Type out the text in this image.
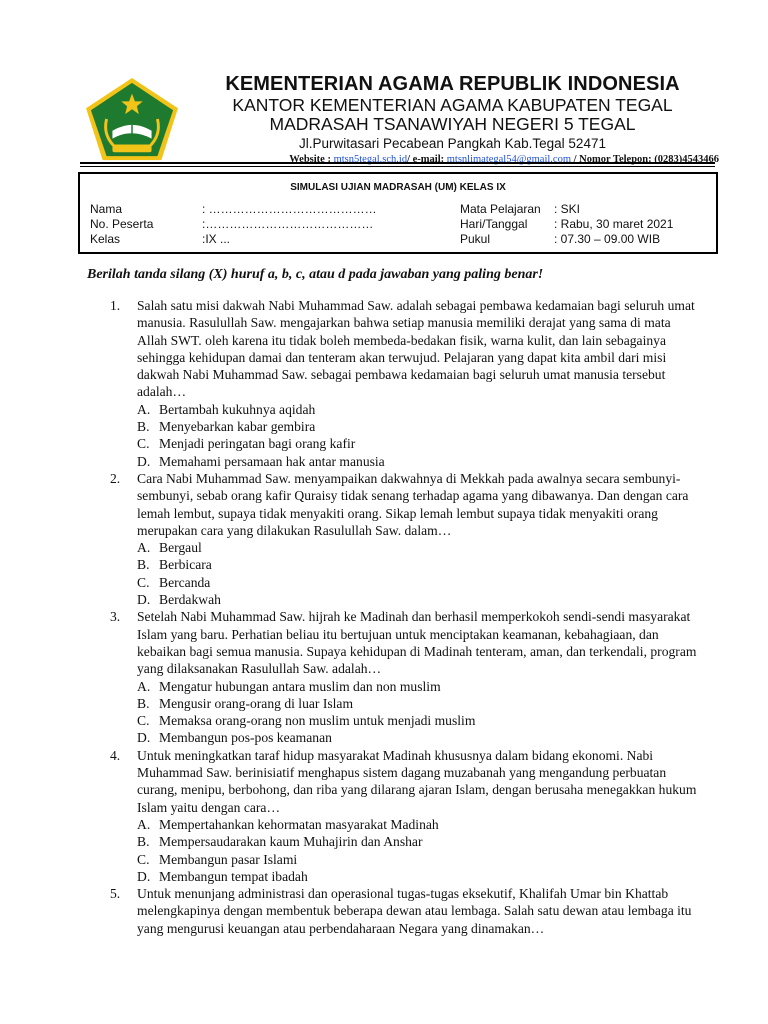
KEMENTERIAN AGAMA REPUBLIK INDONESIA
KANTOR KEMENTERIAN AGAMA KABUPATEN TEGAL
MADRASAH TSANAWIYAH NEGERI 5 TEGAL
Jl.Purwitasari Pecabean Pangkah Kab.Tegal 52471
Website : mtsn5tegal.sch.id/ e-mail: mtsnlimategal54@gmail.com / Nomor Telepon: (0283)4543466
SIMULASI UJIAN MADRASAH (UM) KELAS IX
Nama	: ……………………………………	Mata Pelajaran : SKI
No. Peserta	:……………………………………	Hari/Tanggal : Rabu, 30 maret 2021
Kelas	:IX ...	Pukul	: 07.30 – 09.00 WIB
Berilah tanda silang (X) huruf a, b, c, atau d pada jawaban yang paling benar!
1. Salah satu misi dakwah Nabi Muhammad Saw. adalah sebagai pembawa kedamaian bagi seluruh umat manusia. Rasulullah Saw. mengajarkan bahwa setiap manusia memiliki derajat yang sama di mata Allah SWT. oleh karena itu tidak boleh membeda-bedakan fisik, warna kulit, dan lain sebagainya sehingga kehidupan damai dan tenteram akan terwujud. Pelajaran yang dapat kita ambil dari misi dakwah Nabi Muhammad Saw. sebagai pembawa kedamaian bagi seluruh umat manusia tersebut adalah…
A. Bertambah kukuhnya aqidah
B. Menyebarkan kabar gembira
C. Menjadi peringatan bagi orang kafir
D. Memahami persamaan hak antar manusia
2. Cara Nabi Muhammad Saw. menyampaikan dakwahnya di Mekkah pada awalnya secara sembunyi-sembunyi, sebab orang kafir Quraisy tidak senang terhadap agama yang dibawanya. Dan dengan cara lemah lembut, supaya tidak menyakiti orang. Sikap lemah lembut supaya tidak menyakiti orang merupakan cara yang dilakukan Rasulullah Saw. dalam…
A. Bergaul
B. Berbicara
C. Bercanda
D. Berdakwah
3. Setelah Nabi Muhammad Saw. hijrah ke Madinah dan berhasil memperkokoh sendi-sendi masyarakat Islam yang baru. Perhatian beliau itu bertujuan untuk menciptakan keamanan, kebahagiaan, dan kebaikan bagi semua manusia. Supaya kehidupan di Madinah tenteram, aman, dan terkendali, program yang dilaksanakan Rasulullah Saw. adalah…
A. Mengatur hubungan antara muslim dan non muslim
B. Mengusir orang-orang di luar Islam
C. Memaksa orang-orang non muslim untuk menjadi muslim
D. Membangun pos-pos keamanan
4. Untuk meningkatkan taraf hidup masyarakat Madinah khususnya dalam bidang ekonomi. Nabi Muhammad Saw. berinisiatif menghapus sistem dagang muzabanah yang mengandung perbuatan curang, menipu, berbohong, dan riba yang dilarang ajaran Islam, dengan berusaha menegakkan hukum Islam yaitu dengan cara…
A. Mempertahankan kehormatan masyarakat Madinah
B. Mempersaudarakan kaum Muhajirin dan Anshar
C. Membangun pasar Islami
D. Membangun tempat ibadah
5. Untuk menunjang administrasi dan operasional tugas-tugas eksekutif, Khalifah Umar bin Khattab melengkapinya dengan membentuk beberapa dewan atau lembaga. Salah satu dewan atau lembaga itu yang mengurusi keuangan atau perbendaharaan Negara yang dinamakan…
